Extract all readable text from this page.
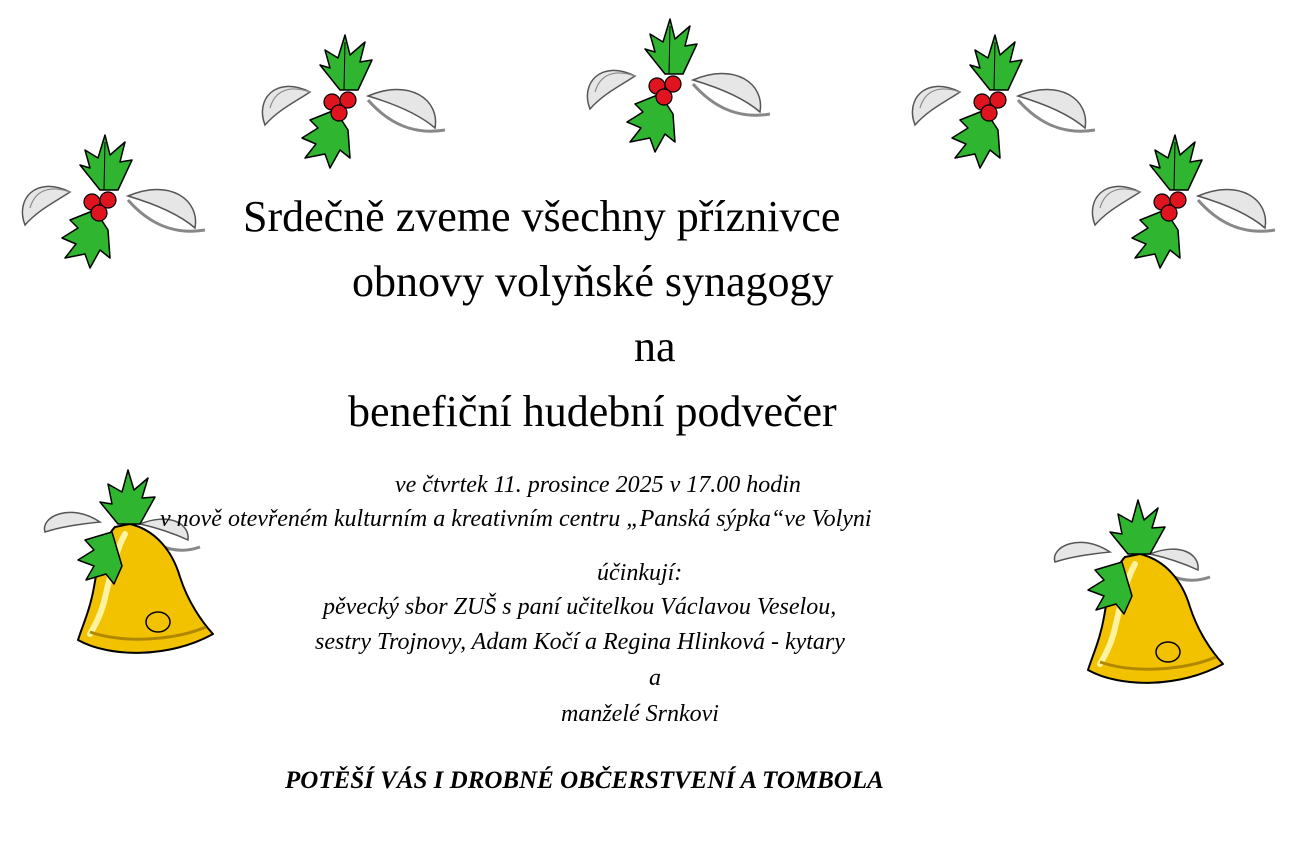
Srdečně zveme všechny příznivce
obnovy volyňské synagogy
na
benefiční hudební podvečer
ve čtvrtek 11. prosince 2025 v 17.00 hodin
v nově otevřeném kulturním a kreativním centru „Panská sýpka“ve Volyni
účinkují:
pěvecký sbor ZUŠ s paní učitelkou Václavou Veselou,
sestry Trojnovy, Adam Kočí a Regina Hlinková - kytary
a
manželé Srnkovi
POTĚŠÍ VÁS I DROBNÉ OBČERSTVENÍ A TOMBOLA
